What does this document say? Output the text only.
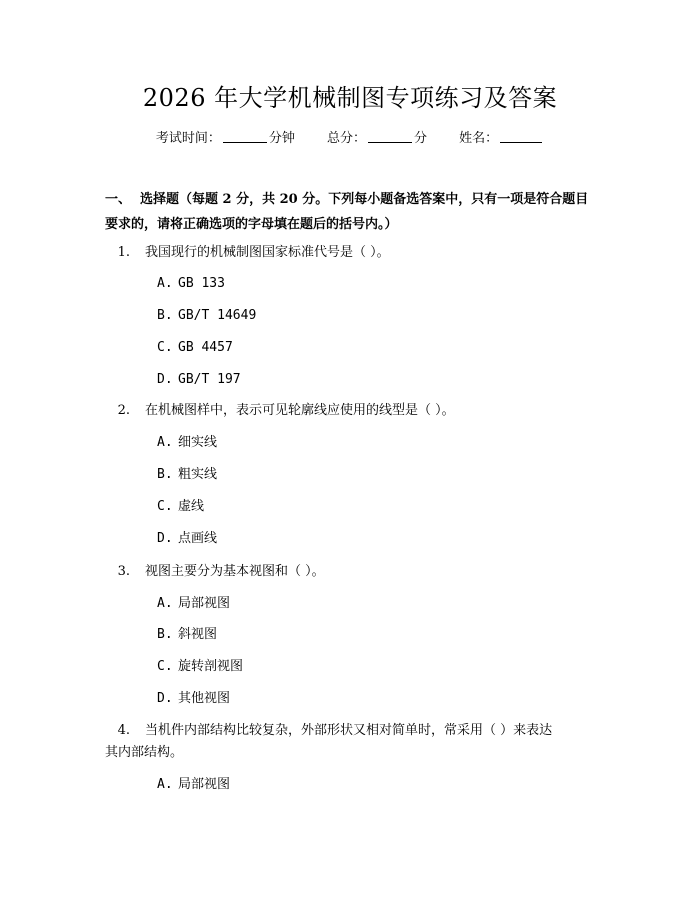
2026 年大学机械制图专项练习及答案
考试时间：	分钟 总分：	分 姓名：
一、 选择题（每题 2 分，共 20 分。下列每小题备选答案中，只有一项是符合题目要求的，请将正确选项的字母填在题后的括号内。）
1. 我国现行的机械制图国家标准代号是（ ）。
A. GB 133
B. GB/T 14649
C. GB 4457
D. GB/T 197
2. 在机械图样中，表示可见轮廓线应使用的线型是（ ）。
A. 细实线
B. 粗实线
C. 虚线
D. 点画线
3. 视图主要分为基本视图和（ ）。
A. 局部视图
B. 斜视图
C. 旋转剖视图
D. 其他视图
4. 当机件内部结构比较复杂，外部形状又相对简单时，常采用（ ）来表达
其内部结构。
A. 局部视图
